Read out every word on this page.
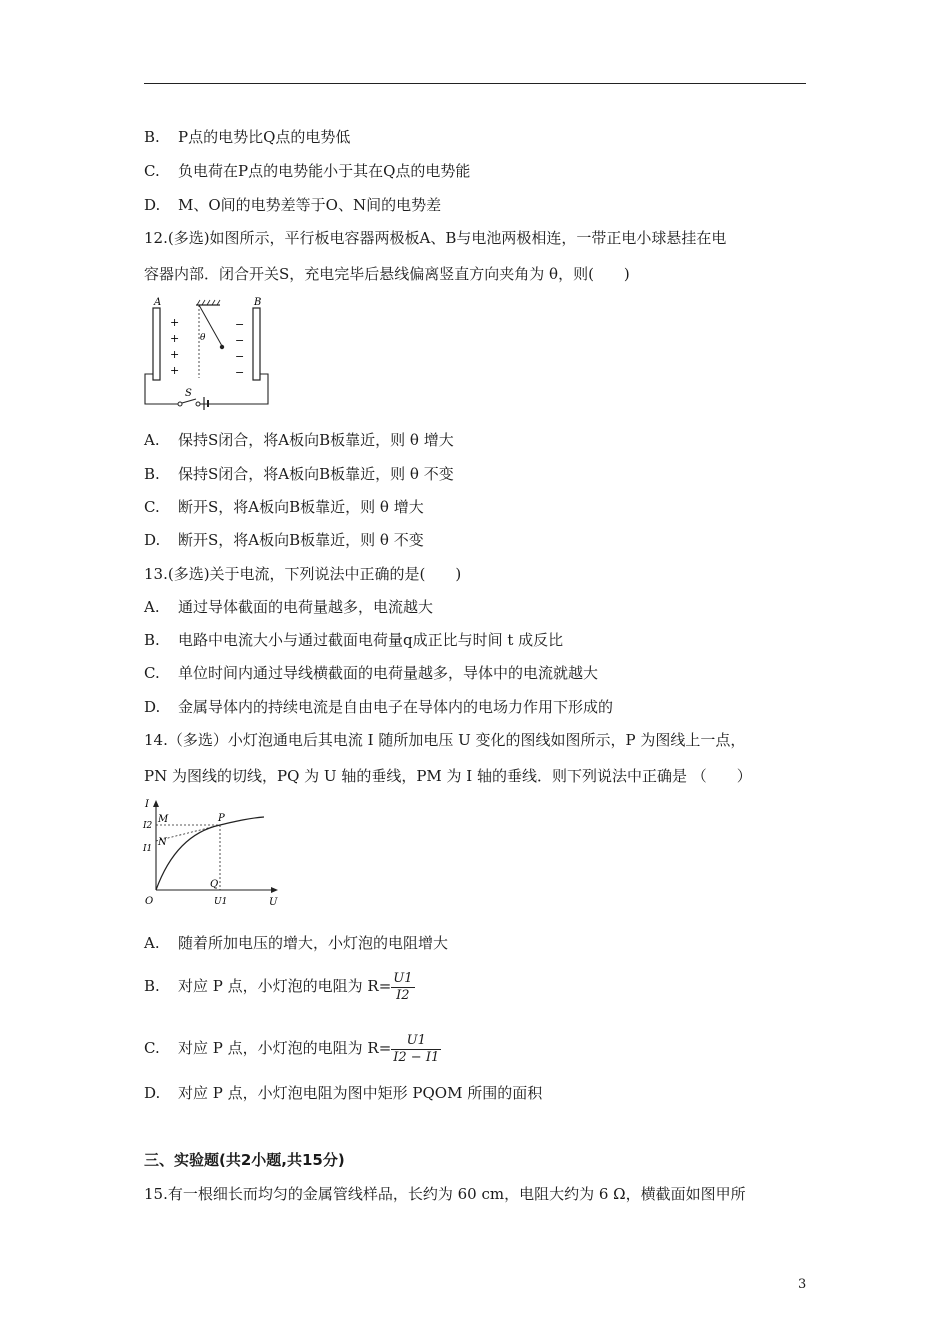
B. P点的电势比Q点的电势低
C. 负电荷在P点的电势能小于其在Q点的电势能
D. M、O间的电势差等于O、N间的电势差
12.(多选)如图所示，平行板电容器两极板A、B与电池两极相连，一带正电小球悬挂在电
容器内部．闭合开关S，充电完毕后悬线偏离竖直方向夹角为 θ，则(　　)
A	B
θ
+
+
+
+
−
−
−
−
S
A. 保持S闭合，将A板向B板靠近，则 θ 增大
B. 保持S闭合，将A板向B板靠近，则 θ 不变
C. 断开S，将A板向B板靠近，则 θ 增大
D. 断开S，将A板向B板靠近，则 θ 不变
13.(多选)关于电流，下列说法中正确的是(　　)
A. 通过导体截面的电荷量越多，电流越大
B. 电路中电流大小与通过截面电荷量q成正比与时间 t 成反比
C. 单位时间内通过导线横截面的电荷量越多，导体中的电流就越大
D. 金属导体内的持续电流是自由电子在导体内的电场力作用下形成的
14.（多选）小灯泡通电后其电流 I 随所加电压 U 变化的图线如图所示，P 为图线上一点，
PN 为图线的切线，PQ 为 U 轴的垂线，PM 为 I 轴的垂线．则下列说法中正确是 （　　）
I
U
O
I2
I1
M
N
P
Q
U1
A. 随着所加电压的增大，小灯泡的电阻增大
B. 对应 P 点，小灯泡的电阻为 $R= \frac{U1}{I2}$
C. 对应 P 点，小灯泡的电阻为 $R= \frac{U1}{I2 - I1}$
D. 对应 P 点，小灯泡电阻为图中矩形 PQOM 所围的面积
三、实验题(共2小题,共15分)
15.有一根细长而均匀的金属管线样品，长约为 60 cm，电阻大约为 6 Ω，横截面如图甲所
3
